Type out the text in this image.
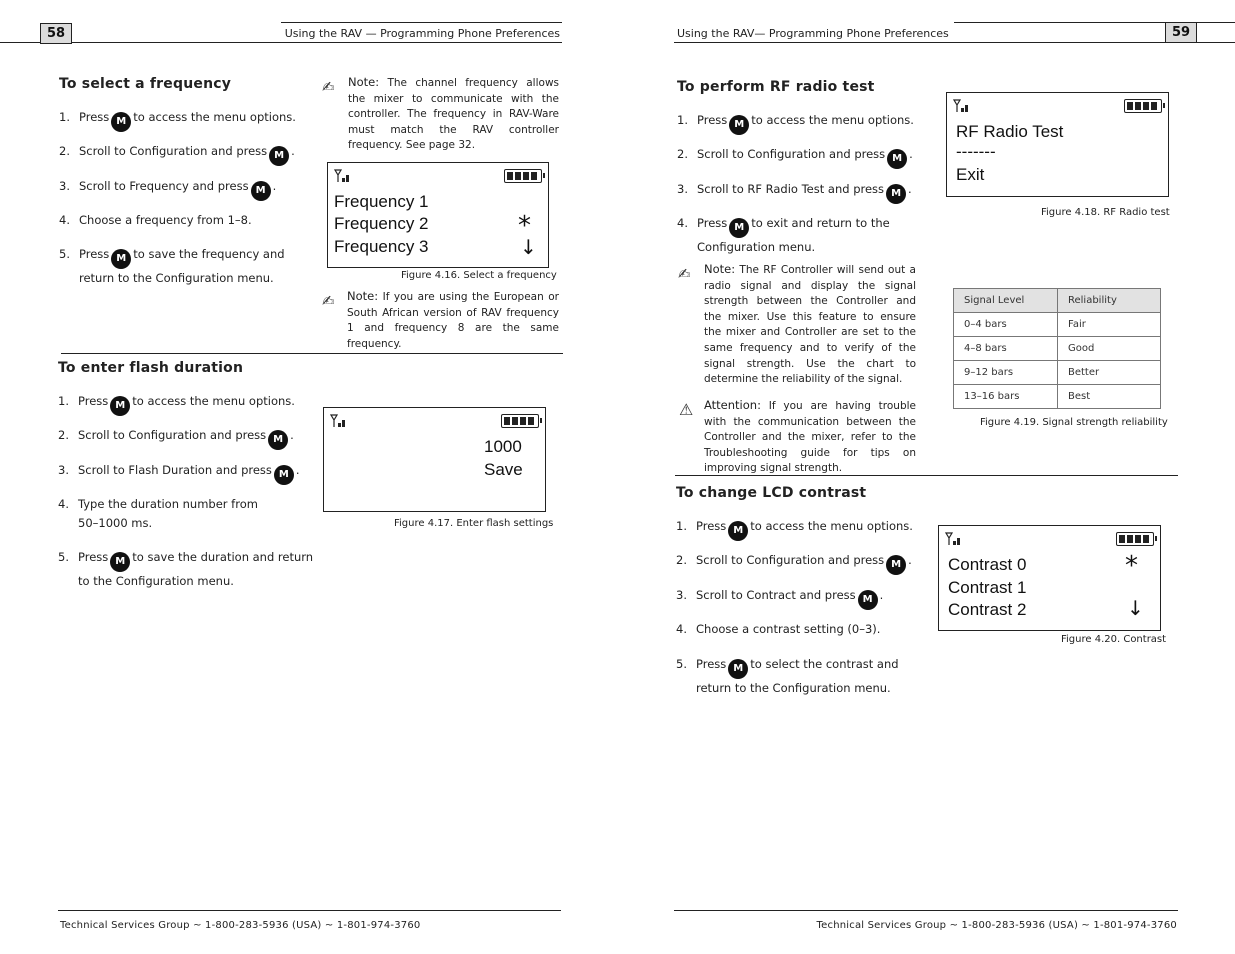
58	Using the RAV — Programming Phone Preferences
To select a frequency
1. Press M to access the menu options.
2. Scroll to Configuration and press M .
3. Scroll to Frequency and press M .
4. Choose a frequency from 1–8.
5. Press M to save the frequency and
return to the Configuration menu.
✍ Note: The channel frequency allows the mixer to communicate with the controller. The frequency in RAV-Ware must match the RAV controller frequency. See page 32.
Frequency 1
Frequency 2
Frequency 3
*
↓
Figure 4.16. Select a frequency
✍ Note: If you are using the European or South African version of RAV frequency 1 and frequency 8 are the same frequency.
To enter flash duration
1. Press M to access the menu options.
2. Scroll to Configuration and press M .
3. Scroll to Flash Duration and press M .
4. Type the duration number from
50–1000 ms.
5. Press M to save the duration and return
to the Configuration menu.
1000
Save
Figure 4.17. Enter flash settings
Technical Services Group ~ 1-800-283-5936 (USA) ~ 1-801-974-3760
59
Using the RAV— Programming Phone Preferences
To perform RF radio test
1. Press M to access the menu options.
2. Scroll to Configuration and press M .
3. Scroll to RF Radio Test and press M .
4. Press M to exit and return to the
Configuration menu.
RF Radio Test
-------
Exit
Figure 4.18. RF Radio test
✍ Note: The RF Controller will send out a radio signal and display the signal strength between the Controller and the mixer. Use this feature to ensure the mixer and Controller are set to the same frequency and to verify of the signal strength. Use the chart to determine the reliability of the signal.
⚠ Attention: If you are having trouble with the communication between the Controller and the mixer, refer to the Troubleshooting guide for tips on improving signal strength.
Signal Level	Reliability
0–4 bars	Fair
4–8 bars	Good
9–12 bars	Better
13–16 bars	Best
Figure 4.19. Signal strength reliability
To change LCD contrast
1. Press M to access the menu options.
2. Scroll to Configuration and press M .
3. Scroll to Contract and press M .
4. Choose a contrast setting (0–3).
5. Press M to select the contrast and
return to the Configuration menu.
Contrast 0
Contrast 1
Contrast 2
*
↓
Figure 4.20. Contrast
Technical Services Group ~ 1-800-283-5936 (USA) ~ 1-801-974-3760
